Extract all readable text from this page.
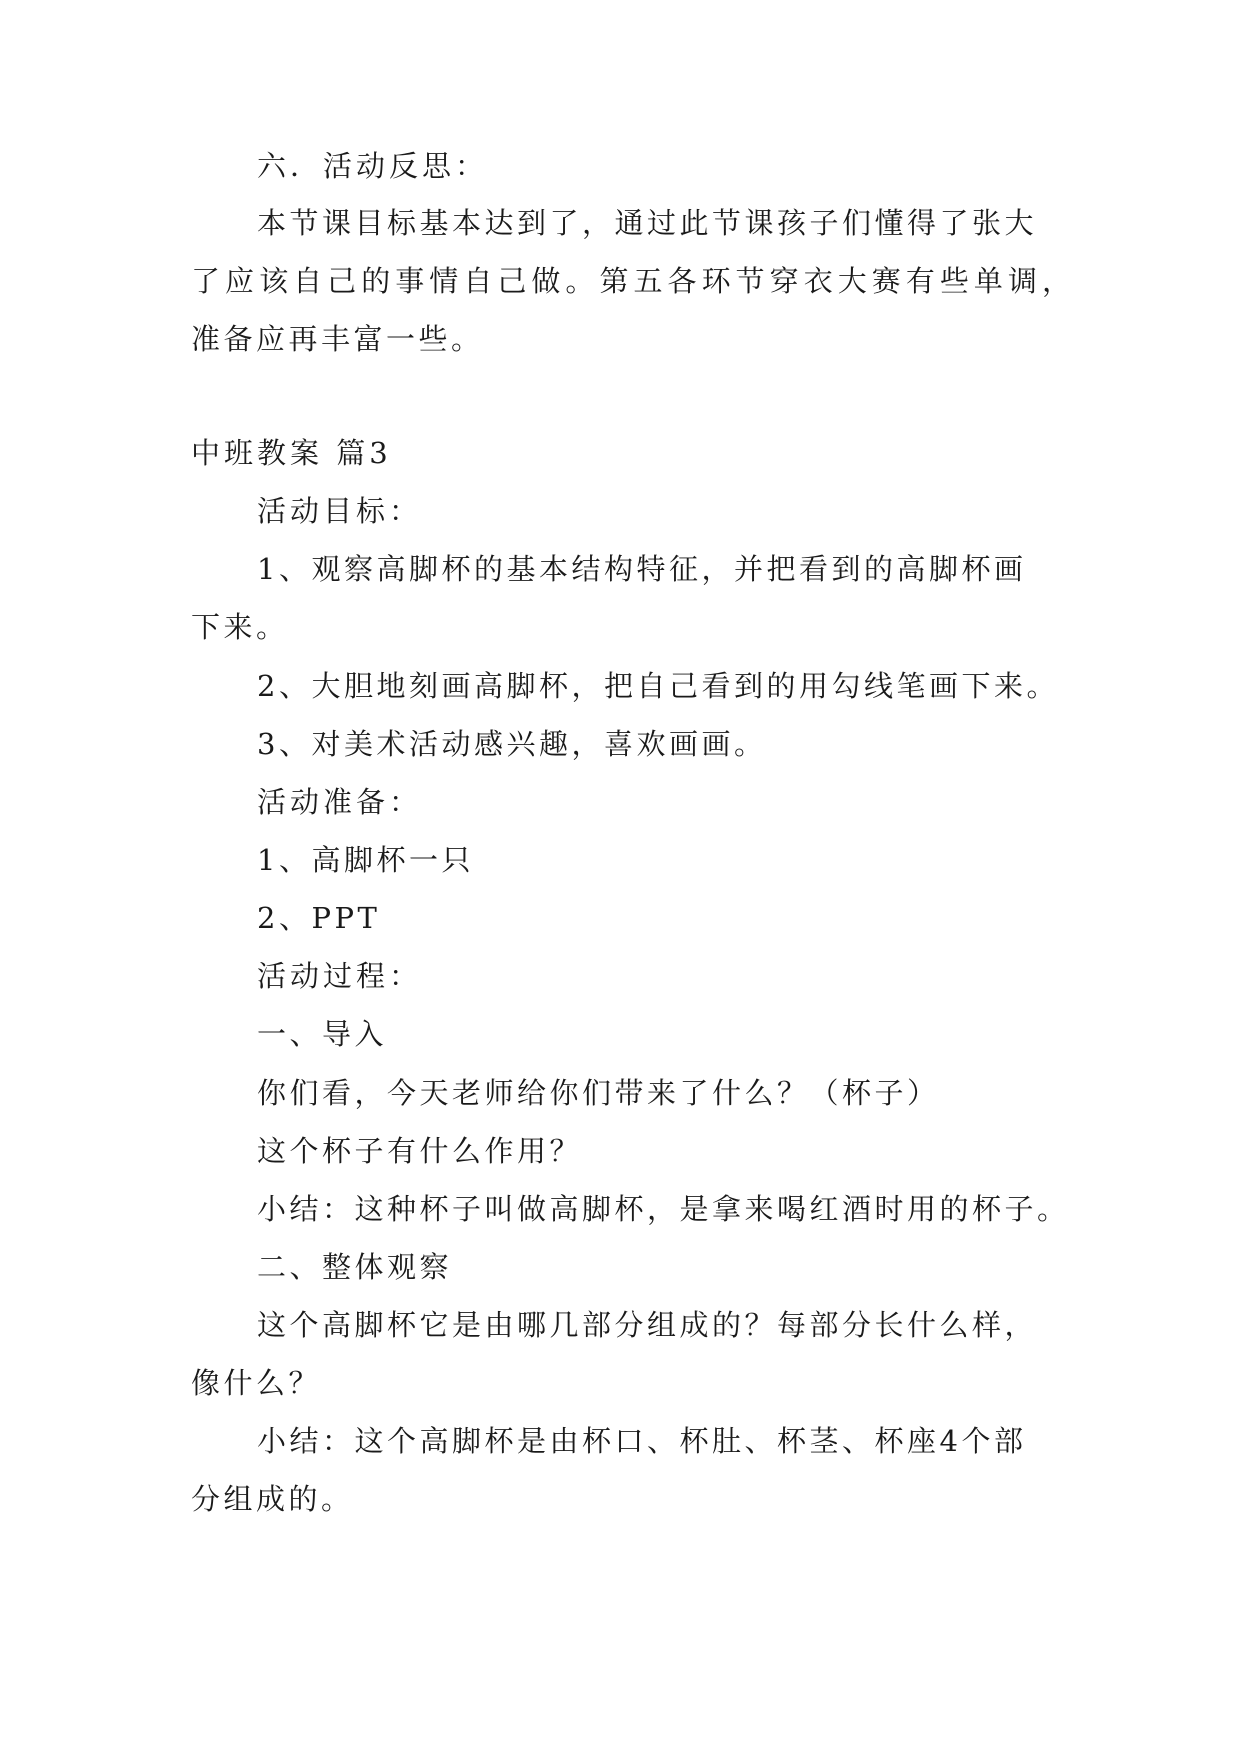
六．活动反思：
本节课目标基本达到了，通过此节课孩子们懂得了张大
了应该自己的事情自己做。第五各环节穿衣大赛有些单调，
准备应再丰富一些。
中班教案 篇3
活动目标：
1、观察高脚杯的基本结构特征，并把看到的高脚杯画
下来。
2、大胆地刻画高脚杯，把自己看到的用勾线笔画下来。
3、对美术活动感兴趣，喜欢画画。
活动准备：
1、高脚杯一只
2、PPT
活动过程：
一、导入
你们看，今天老师给你们带来了什么？（杯子）
这个杯子有什么作用？
小结：这种杯子叫做高脚杯，是拿来喝红酒时用的杯子。
二、整体观察
这个高脚杯它是由哪几部分组成的？每部分长什么样，
像什么？
小结：这个高脚杯是由杯口、杯肚、杯茎、杯座4个部
分组成的。
